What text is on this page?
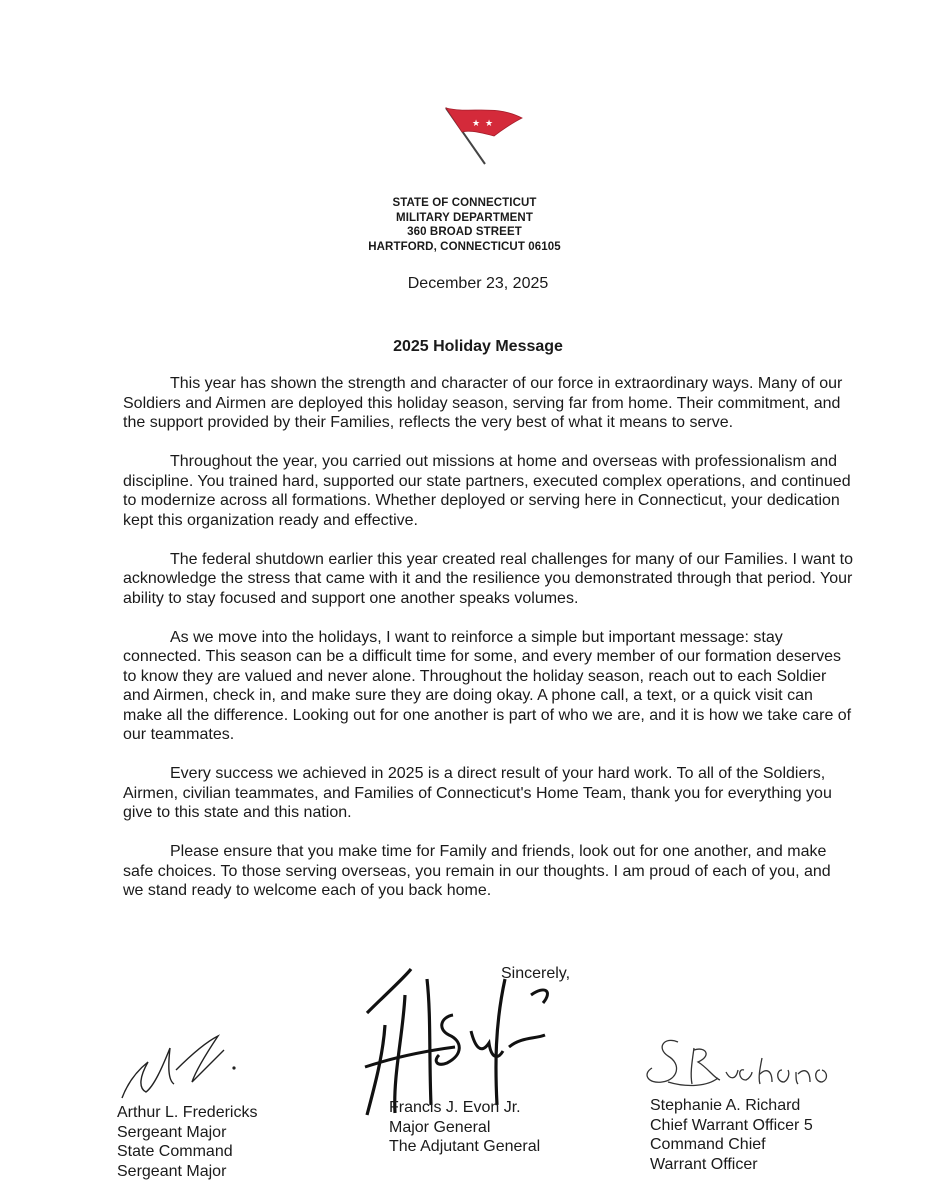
★ ★
STATE OF CONNECTICUT
MILITARY DEPARTMENT
360 BROAD STREET
HARTFORD, CONNECTICUT 06105
December 23, 2025
2025 Holiday Message

This year has shown the strength and character of our force in extraordinary ways. Many of our Soldiers and Airmen are deployed this holiday season, serving far from home. Their commitment, and the support provided by their Families, reflects the very best of what it means to serve.

Throughout the year, you carried out missions at home and overseas with professionalism and discipline. You trained hard, supported our state partners, executed complex operations, and continued to modernize across all formations. Whether deployed or serving here in Connecticut, your dedication kept this organization ready and effective.

The federal shutdown earlier this year created real challenges for many of our Families. I want to acknowledge the stress that came with it and the resilience you demonstrated through that period. Your ability to stay focused and support one another speaks volumes.

As we move into the holidays, I want to reinforce a simple but important message: stay connected. This season can be a difficult time for some, and every member of our formation deserves to know they are valued and never alone. Throughout the holiday season, reach out to each Soldier and Airmen, check in, and make sure they are doing okay. A phone call, a text, or a quick visit can make all the difference. Looking out for one another is part of who we are, and it is how we take care of our teammates.

Every success we achieved in 2025 is a direct result of your hard work. To all of the Soldiers, Airmen, civilian teammates, and Families of Connecticut's Home Team, thank you for everything you give to this state and this nation.

Please ensure that you make time for Family and friends, look out for one another, and make safe choices. To those serving overseas, you remain in our thoughts. I am proud of each of you, and we stand ready to welcome each of you back home.

Sincerely,
Arthur L. Fredericks
Sergeant Major
State Command
Sergeant Major
Francis J. Evon Jr.
Major General
The Adjutant General
Stephanie A. Richard
Chief Warrant Officer 5
Command Chief
Warrant Officer
